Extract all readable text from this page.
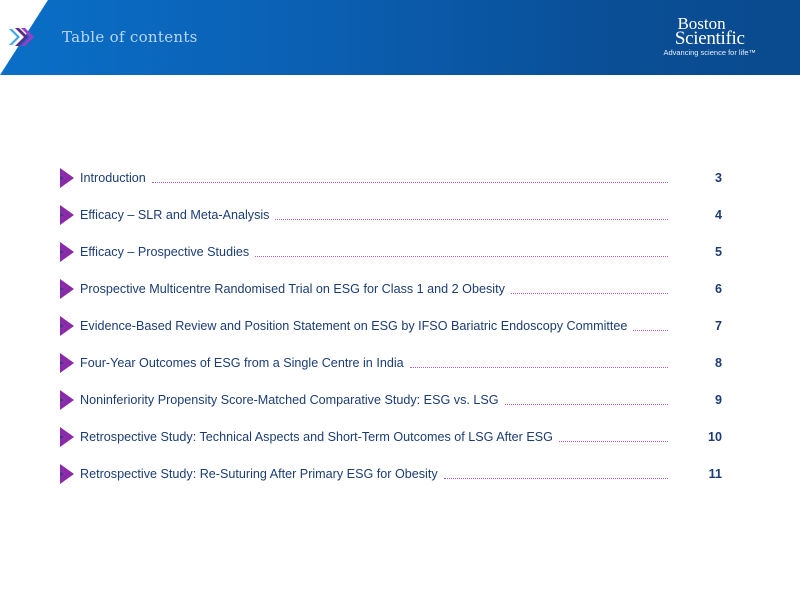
Table of contents
Boston
Scientific
Advancing science for life™
Introduction	3
Efficacy – SLR and Meta-Analysis	4
Efficacy – Prospective Studies	5
Prospective Multicentre Randomised Trial on ESG for Class 1 and 2 Obesity	6
Evidence-Based Review and Position Statement on ESG by IFSO Bariatric Endoscopy Committee	7
Four-Year Outcomes of ESG from a Single Centre in India	8
Noninferiority Propensity Score-Matched Comparative Study: ESG vs. LSG	9
Retrospective Study: Technical Aspects and Short-Term Outcomes of LSG After ESG	10
Retrospective Study: Re-Suturing After Primary ESG for Obesity	11
